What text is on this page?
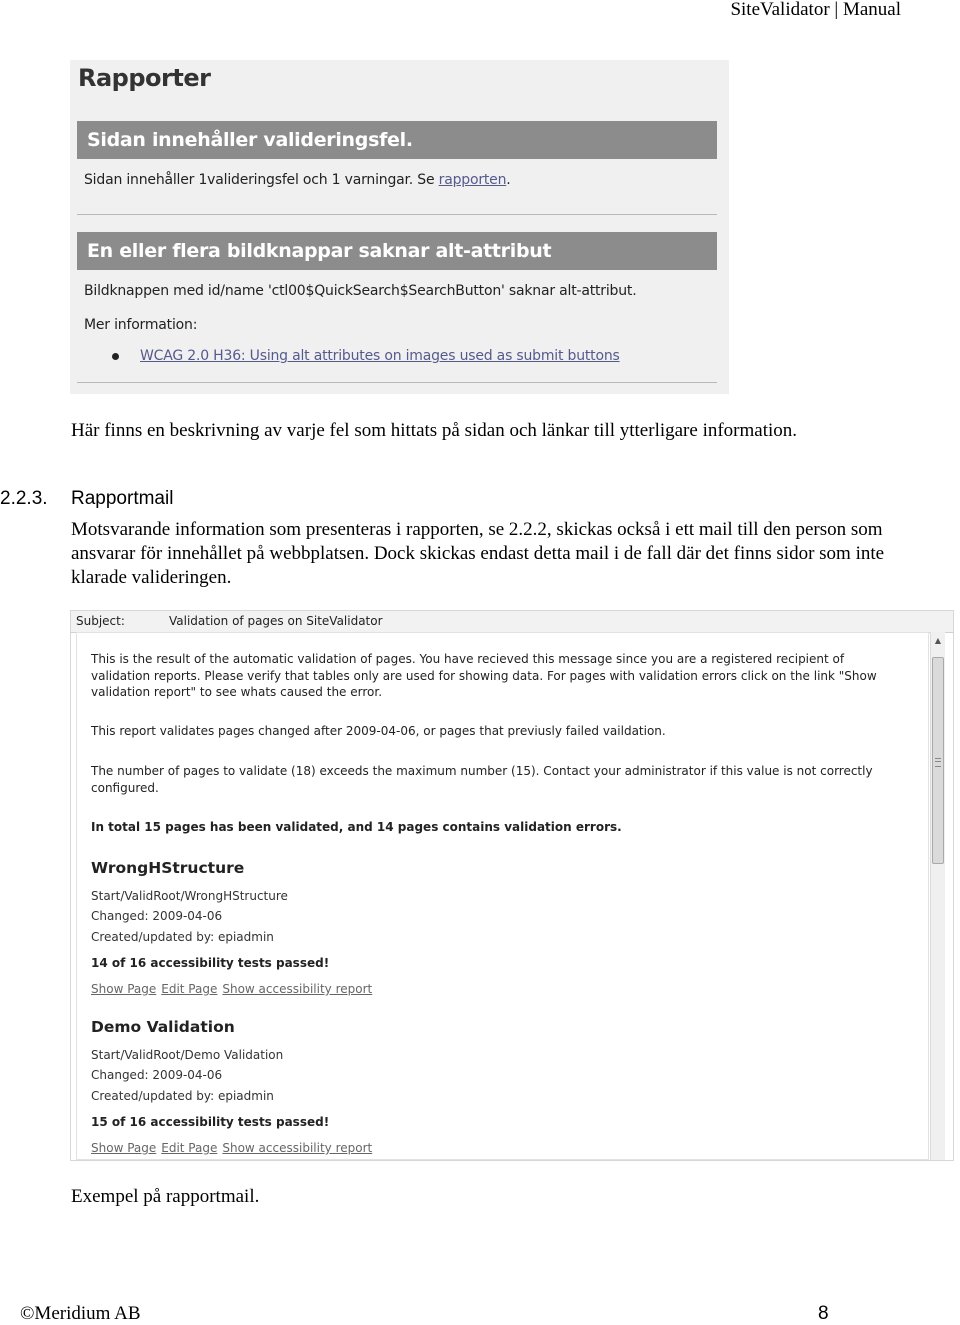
SiteValidator | Manual
Rapporter
Sidan innehåller valideringsfel.
Sidan innehåller 1valideringsfel och 1 varningar. Se rapporten.
En eller flera bildknappar saknar alt-attribut
Bildknappen med id/name 'ctl00$QuickSearch$SearchButton' saknar alt-attribut.
Mer information:
WCAG 2.0 H36: Using alt attributes on images used as submit buttons
Här finns en beskrivning av varje fel som hittats på sidan och länkar till ytterligare information.
2.2.3. Rapportmail
Motsvarande information som presenteras i rapporten, se 2.2.2, skickas också i ett mail till den person som ansvarar för innehållet på webbplatsen. Dock skickas endast detta mail i de fall där det finns sidor som inte klarade valideringen.
Subject:	Validation of pages on SiteValidator
This is the result of the automatic validation of pages. You have recieved this message since you are a registered recipient of validation reports. Please verify that tables only are used for showing data. For pages with validation errors click on the link "Show validation report" to see whats caused the error.
This report validates pages changed after 2009-04-06, or pages that previusly failed vaildation.
The number of pages to validate (18) exceeds the maximum number (15). Contact your administrator if this value is not correctly configured.
In total 15 pages has been validated, and 14 pages contains validation errors.
WrongHStructure
Start/ValidRoot/WrongHStructure
Changed: 2009-04-06
Created/updated by: epiadmin
14 of 16 accessibility tests passed!
Show Page Edit Page Show accessibility report
Demo Validation
Start/ValidRoot/Demo Validation
Changed: 2009-04-06
Created/updated by: epiadmin
15 of 16 accessibility tests passed!
Show Page Edit Page Show accessibility report
▲
Exempel på rapportmail.
©Meridium AB	8
